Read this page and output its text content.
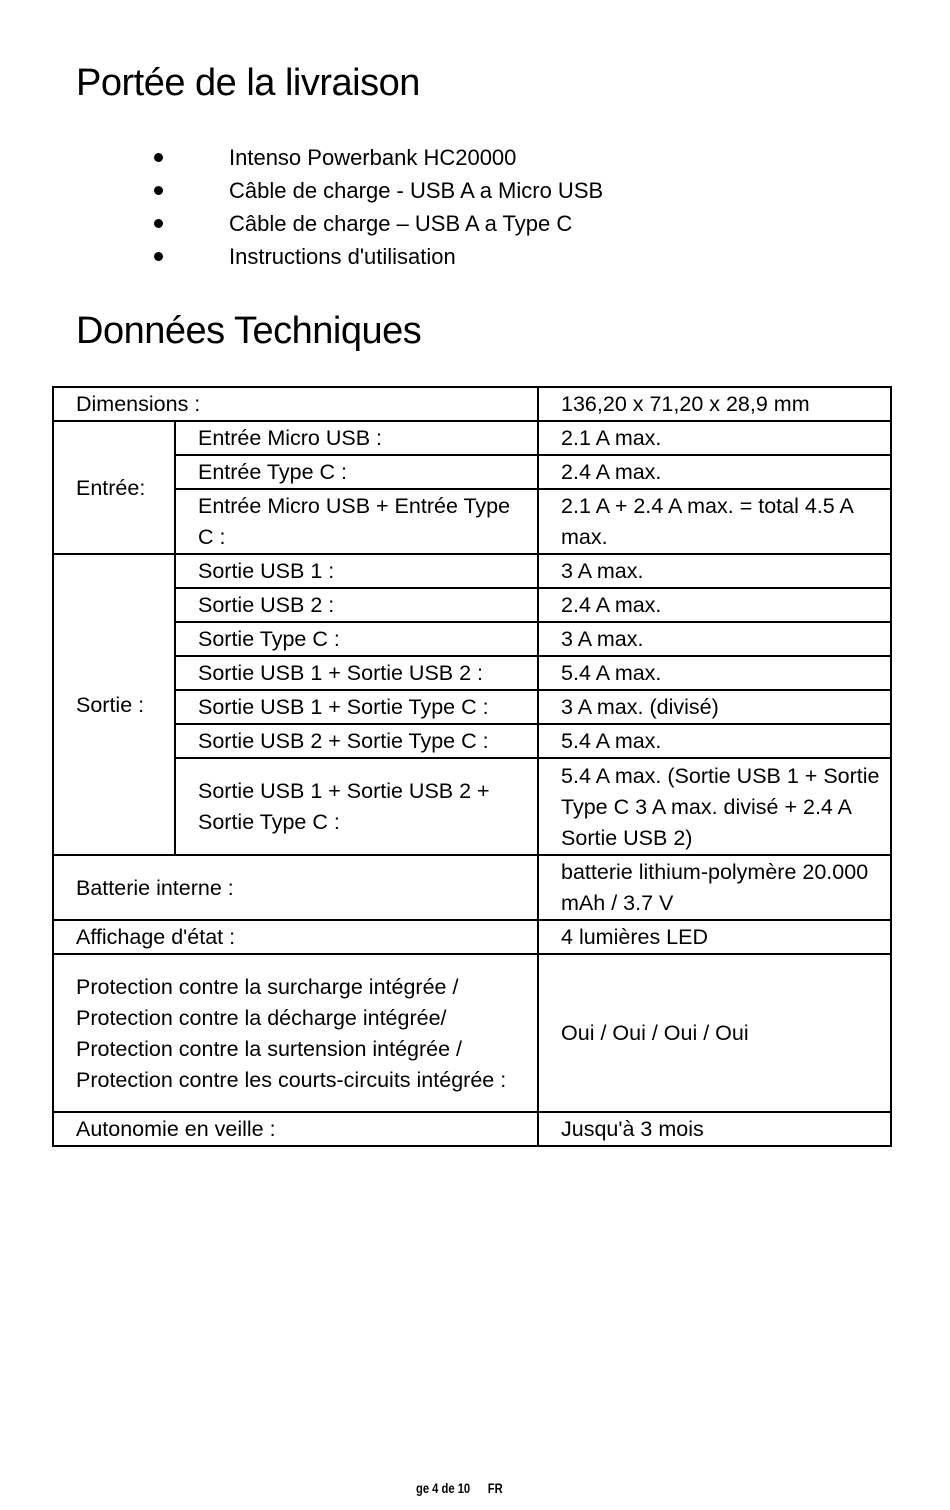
Portée de la livraison
Intenso Powerbank HC20000
Câble de charge - USB A a Micro USB
Câble de charge – USB A a Type C
Instructions d'utilisation
Données Techniques
Dimensions :		136,20 x 71,20 x 28,9 mm
Entrée:	Entrée Micro USB :	2.1 A max.
	Entrée Type C :	2.4 A max.
	Entrée Micro USB + Entrée Type C :	2.1 A + 2.4 A max. = total 4.5 A max.
Sortie :	Sortie USB 1 :	3 A max.
	Sortie USB 2 :	2.4 A max.
	Sortie Type C :	3 A max.
	Sortie USB 1 + Sortie USB 2 :	5.4 A max.
	Sortie USB 1 + Sortie Type C :	3 A max. (divisé)
	Sortie USB 2 + Sortie Type C :	5.4 A max.
	Sortie USB 1 + Sortie USB 2 + Sortie Type C :	5.4 A max. (Sortie USB 1 + Sortie Type C 3 A max. divisé + 2.4 A Sortie USB 2)
Batterie interne :		batterie lithium-polymère 20.000 mAh / 3.7 V
Affichage d'état :		4 lumières LED
Protection contre la surcharge intégrée / Protection contre la décharge intégrée/ Protection contre la surtension intégrée / Protection contre les courts-circuits intégrée :		Oui / Oui / Oui / Oui
Autonomie en veille :		Jusqu'à 3 mois
ge 4 de 10 FR
